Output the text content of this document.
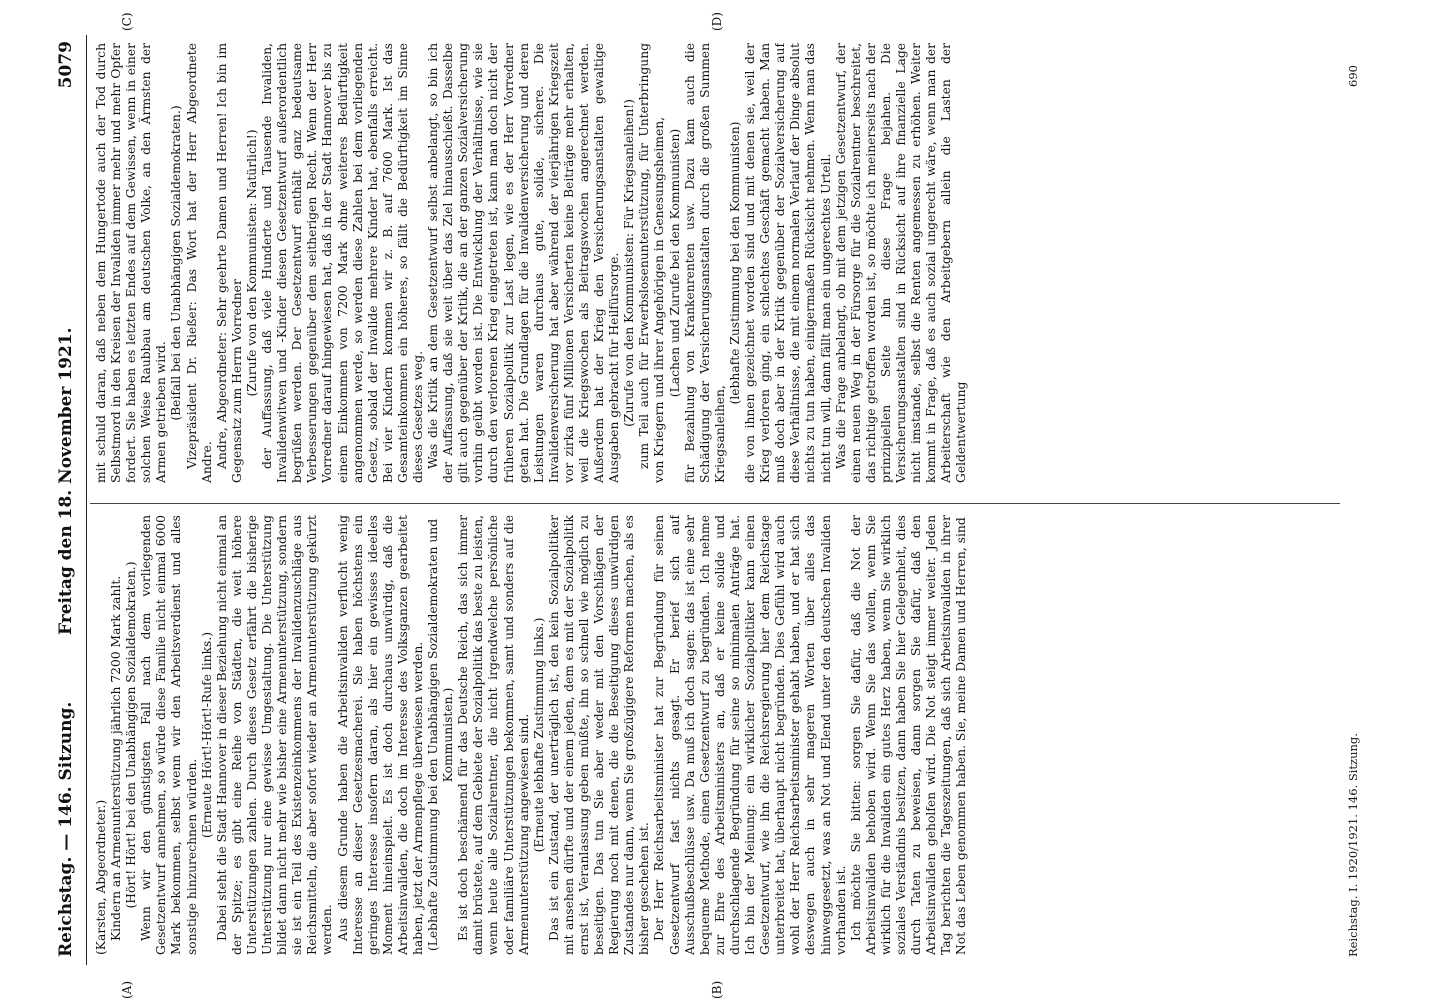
Reichstag. — 146. Sitzung.
Freitag den 18. November 1921.
5079
(A)	(B)
(C)	(D)

(Karsten, Abgeordneter.) Kindern an Armenunterstützung jährlich 7200 Mark zahlt. (Hört! Hört! bei den Unabhängigen Sozialdemokraten.) Wenn wir den günstigsten Fall nach dem vorliegenden Gesetzentwurf annehmen, so würde diese Familie nicht einmal 6000 Mark bekommen, selbst wenn wir den Arbeitsverdienst und alles sonstige hinzurechnen würden.

(Erneute Hört!-Hört!-Rufe links.) Dabei steht die Stadt Hannover in dieser Beziehung nicht einmal an der Spitze; es gibt eine Reihe von Städten, die weit höhere Unterstützungen zahlen. Durch dieses Gesetz erfährt die bisherige Unterstützung nur eine gewisse Umgestaltung. Die Unterstützung bildet dann nicht mehr wie bisher eine Armenunterstützung, sondern sie ist ein Teil des Existenzeinkommens der Invalidenzuschläge aus Reichsmitteln, die aber sofort wieder an Armenunterstützung gekürzt werden. Aus diesem Grunde haben die Arbeitsinvaliden verflucht wenig Interesse an dieser Gesetzesmacherei. Sie haben höchstens ein geringes Interesse insofern daran, als hier ein gewisses ideelles Moment hineinspielt. Es ist doch durchaus unwürdig, daß die Arbeitsinvaliden, die doch im Interesse des Volksganzen gearbeitet haben, jetzt der Armenpflege überwiesen werden. (Lebhafte Zustimmung bei den Unabhängigen Sozialdemokraten und Kommunisten.) Es ist doch beschämend für das Deutsche Reich, das sich immer damit brüstete, auf dem Gebiete der Sozialpolitik das beste zu leisten, wenn heute alle Sozialrentner, die nicht irgendwelche persönliche oder familiäre Unterstützungen bekommen, samt und sonders auf die Armenunterstützung angewiesen sind. (Erneute lebhafte Zustimmung links.) Das ist ein Zustand, der unerträglich ist, den kein Sozialpolitiker mit ansehen dürfte und der einem jeden, dem es mit der Sozialpolitik ernst ist, Veranlassung geben müßte, ihn so schnell wie möglich zu beseitigen. Das tun Sie aber weder mit den Vorschlägen der Regierung noch mit denen, die die Beseitigung dieses unwürdigen Zustandes nur dann, wenn Sie großzügigere Reformen machen, als es bisher geschehen ist. Der Herr Reichsarbeitsminister hat zur Begründung für seinen Gesetzentwurf fast nichts gesagt. Er berief sich auf Ausschußbeschlüsse usw. Da muß ich doch sagen: das ist eine sehr bequeme Methode, einen Gesetzentwurf zu begründen. Ich nehme zur Ehre des Arbeitsministers an, daß er keine solide und durchschlagende Begründung für seine so minimalen Anträge hat. Ich bin der Meinung: ein wirklicher Sozialpolitiker kann einen Gesetzentwurf, wie ihn die Reichsregierung hier dem Reichstage unterbreitet hat, überhaupt nicht begründen. Dies Gefühl wird auch wohl der Herr Reichsarbeitsminister gehabt haben, und er hat sich deswegen auch in sehr mageren Worten über alles das hinweggesetzt, was an Not und Elend unter den deutschen Invaliden vorhanden ist. Ich möchte Sie bitten: sorgen Sie dafür, daß die Not der Arbeitsinvaliden behoben wird. Wenn Sie das wollen, wenn Sie wirklich für die Invaliden ein gutes Herz haben, wenn Sie wirklich soziales Verständnis besitzen, dann haben Sie hier Gelegenheit, dies durch Taten zu beweisen, dann sorgen Sie dafür, daß den Arbeitsinvaliden geholfen wird. Die Not steigt immer weiter. Jeden Tag berichten die Tageszeitungen, daß sich Arbeitsinvaliden in ihrer Not das Leben genommen haben. Sie, meine Damen und Herren, sind

mit schuld daran, daß neben dem Hungertode auch der Tod durch Selbstmord in den Kreisen der Invaliden immer mehr und mehr Opfer fordert. Sie haben es letzten Endes auf dem Gewissen, wenn in einer solchen Weise Raubbau am deutschen Volke, an den Ärmsten der Armen getrieben wird. (Beifall bei den Unabhängigen Sozialdemokraten.) Vizepräsident Dr. Rießer: Das Wort hat der Herr Abgeordnete Andre. Andre, Abgeordneter: Sehr geehrte Damen und Herren! Ich bin im Gegensatz zum Herrn Vorredner (Zurufe von den Kommunisten: Natürlich!) der Auffassung, daß viele Hunderte und Tausende Invaliden, Invalidenwitwen und -Kinder diesen Gesetzentwurf außerordentlich begrüßen werden. Der Gesetzentwurf enthält ganz bedeutsame Verbesserungen gegenüber dem seitherigen Recht. Wenn der Herr Vorredner darauf hingewiesen hat, daß in der Stadt Hannover bis zu einem Einkommen von 7200 Mark ohne weiteres Bedürftigkeit angenommen werde, so werden diese Zahlen bei dem vorliegenden Gesetz, sobald der Invalide mehrere Kinder hat, ebenfalls erreicht. Bei vier Kindern kommen wir z. B. auf 7600 Mark. Ist das Gesamteinkommen ein höheres, so fällt die Bedürftigkeit im Sinne dieses Gesetzes weg. Was die Kritik an dem Gesetzentwurf selbst anbelangt, so bin ich der Auffassung, daß sie weit über das Ziel hinausschießt. Dasselbe gilt auch gegenüber der Kritik, die an der ganzen Sozialversicherung vorhin geübt worden ist. Die Entwicklung der Verhältnisse, wie sie durch den verlorenen Krieg eingetreten ist, kann man doch nicht der früheren Sozialpolitik zur Last legen, wie es der Herr Vorredner getan hat. Die Grundlagen für die Invalidenversicherung und deren Leistungen waren durchaus gute, solide, sichere. Die Invalidenversicherung hat aber während der vierjährigen Kriegszeit vor zirka fünf Millionen Versicherten keine Beiträge mehr erhalten, weil die Kriegswochen als Beitragswochen angerechnet werden. Außerdem hat der Krieg den Versicherungsanstalten gewaltige Ausgaben gebracht für Heilfürsorge. (Zurufe von den Kommunisten: Für Kriegsanleihen!) zum Teil auch für Erwerbslosenunterstützung, für Unterbringung von Kriegern und ihrer Angehörigen in Genesungsheimen, (Lachen und Zurufe bei den Kommunisten) für Bezahlung von Krankenrenten usw. Dazu kam auch die Schädigung der Versicherungsanstalten durch die großen Summen Kriegsanleihen,

(lebhafte Zustimmung bei den Kommunisten) die von ihnen gezeichnet worden sind und mit denen sie, weil der Krieg verloren ging, ein schlechtes Geschäft gemacht haben. Man muß doch aber in der Kritik gegenüber der Sozialversicherung auf diese Verhältnisse, die mit einem normalen Verlauf der Dinge absolut nichts zu tun haben, einigermaßen Rücksicht nehmen. Wenn man das nicht tun will, dann fällt man ein ungerechtes Urteil. Was die Frage anbelangt, ob mit dem jetzigen Gesetzentwurf, der einen neuen Weg in der Fürsorge für die Sozialrentner beschreitet, das richtige getroffen worden ist, so möchte ich meinerseits nach der prinzipiellen Seite hin diese Frage bejahen. Die Versicherungsanstalten sind in Rücksicht auf ihre finanzielle Lage nicht imstande, selbst die Renten angemessen zu erhöhen. Weiter kommt in Frage, daß es auch sozial ungerecht wäre, wenn man der Arbeiterschaft wie den Arbeitgebern allein die Lasten der Geldentwertung

Reichstag. I. 1920/1921. 146. Sitzung.
690
